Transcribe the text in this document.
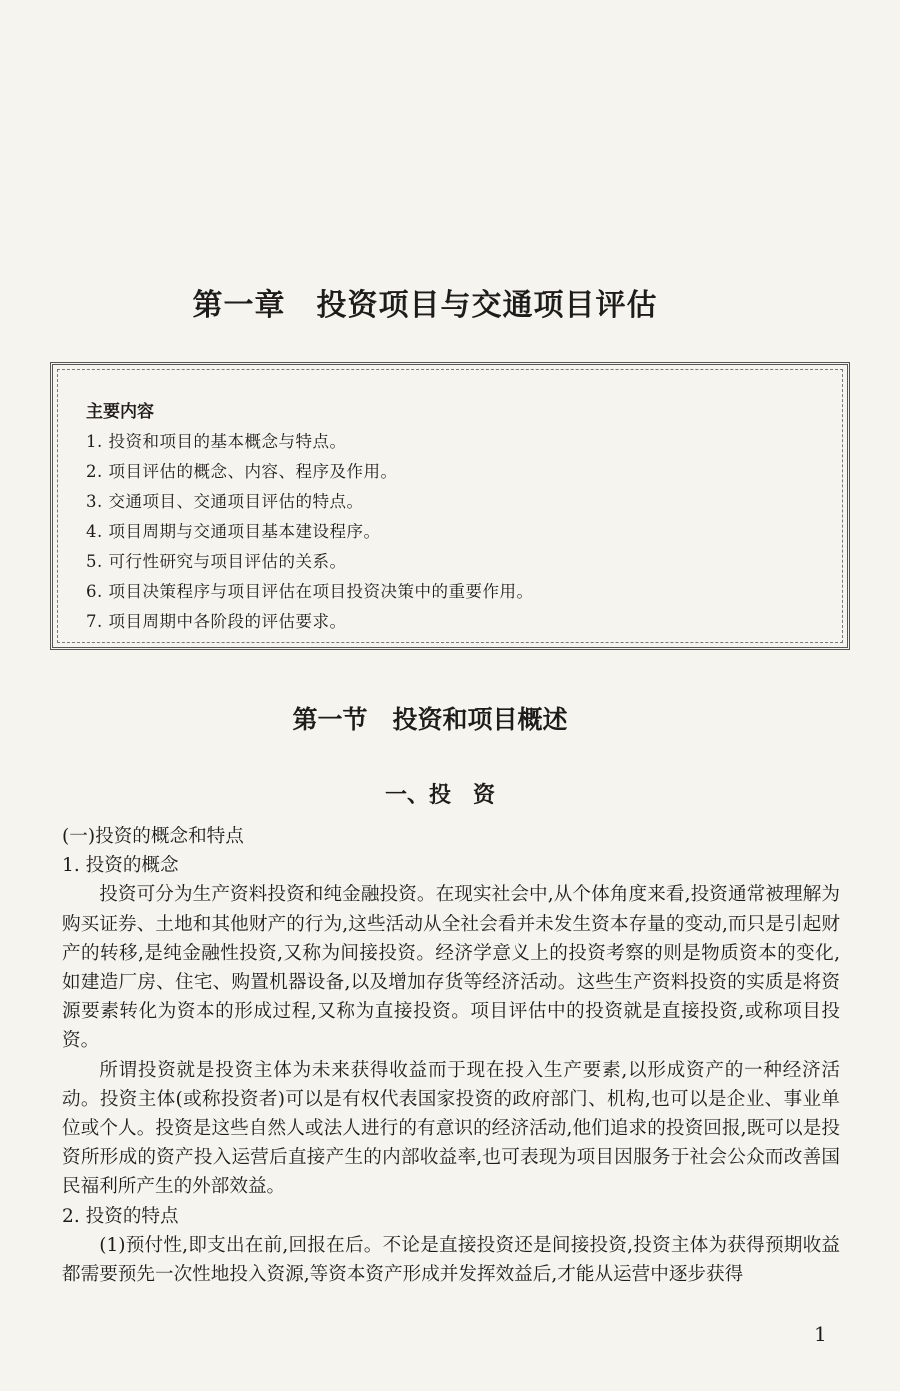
第一章　投资项目与交通项目评估
主要内容
1. 投资和项目的基本概念与特点。
2. 项目评估的概念、内容、程序及作用。
3. 交通项目、交通项目评估的特点。
4. 项目周期与交通项目基本建设程序。
5. 可行性研究与项目评估的关系。
6. 项目决策程序与项目评估在项目投资决策中的重要作用。
7. 项目周期中各阶段的评估要求。
第一节　投资和项目概述
一、投　资

(一)投资的概念和特点

1. 投资的概念

投资可分为生产资料投资和纯金融投资。在现实社会中,从个体角度来看,投资通常被理解为购买证券、土地和其他财产的行为,这些活动从全社会看并未发生资本存量的变动,而只是引起财产的转移,是纯金融性投资,又称为间接投资。经济学意义上的投资考察的则是物质资本的变化,如建造厂房、住宅、购置机器设备,以及增加存货等经济活动。这些生产资料投资的实质是将资源要素转化为资本的形成过程,又称为直接投资。项目评估中的投资就是直接投资,或称项目投资。

所谓投资就是投资主体为未来获得收益而于现在投入生产要素,以形成资产的一种经济活动。投资主体(或称投资者)可以是有权代表国家投资的政府部门、机构,也可以是企业、事业单位或个人。投资是这些自然人或法人进行的有意识的经济活动,他们追求的投资回报,既可以是投资所形成的资产投入运营后直接产生的内部收益率,也可表现为项目因服务于社会公众而改善国民福利所产生的外部效益。

2. 投资的特点

(1)预付性,即支出在前,回报在后。不论是直接投资还是间接投资,投资主体为获得预期收益都需要预先一次性地投入资源,等资本资产形成并发挥效益后,才能从运营中逐步获得

1
